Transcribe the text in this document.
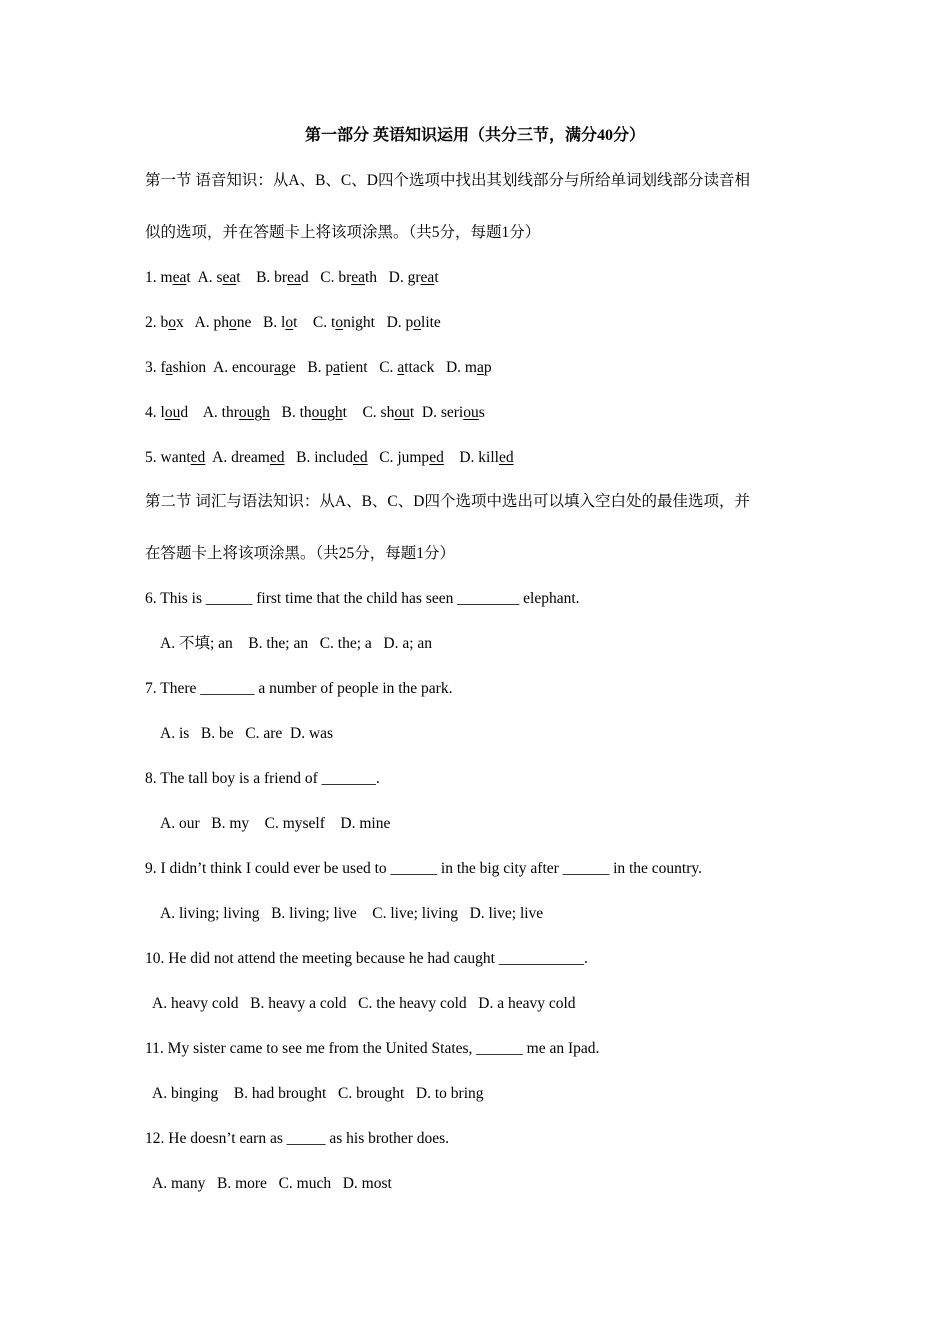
第一部分 英语知识运用（共分三节，满分40分）
第一节 语音知识：从A、B、C、D四个选项中找出其划线部分与所给单词划线部分读音相
似的选项，并在答题卡上将该项涂黑。（共5分，每题1分）
1. meat  A. seat    B. bread   C. breath   D. great
2. box   A. phone   B. lot    C. tonight   D. polite
3. fashion  A. encourage   B. patient   C. attack   D. map
4. loud    A. through   B. thought    C. shout  D. serious
5. wanted  A. dreamed   B. included   C. jumped    D. killed
第二节 词汇与语法知识：从A、B、C、D四个选项中选出可以填入空白处的最佳选项，并
在答题卡上将该项涂黑。（共25分，每题1分）
6. This is ______ first time that the child has seen ________ elephant.
A. 不填; an    B. the; an   C. the; a   D. a; an
7. There _______ a number of people in the park.
A. is   B. be   C. are  D. was
8. The tall boy is a friend of _______.
A. our   B. my    C. myself    D. mine
9. I didn’t think I could ever be used to ______ in the big city after ______ in the country.
A. living; living   B. living; live    C. live; living   D. live; live
10. He did not attend the meeting because he had caught ___________.
A. heavy cold   B. heavy a cold   C. the heavy cold   D. a heavy cold
11. My sister came to see me from the United States, ______ me an Ipad.
A. binging    B. had brought   C. brought   D. to bring
12. He doesn’t earn as _____ as his brother does.
A. many   B. more   C. much   D. most
